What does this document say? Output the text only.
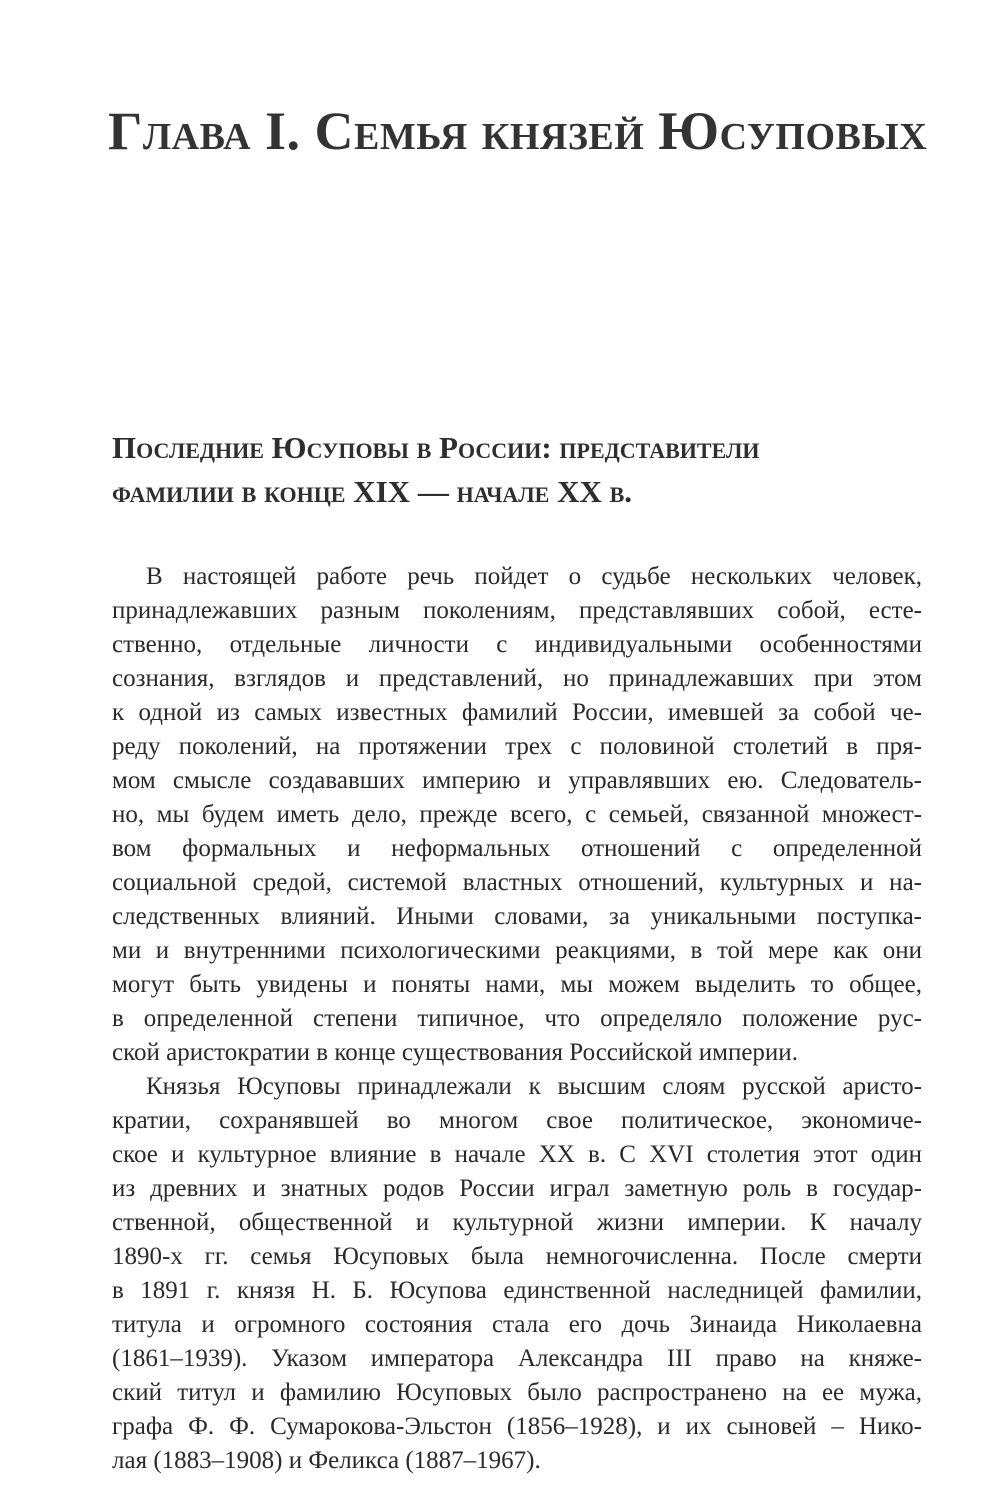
Глава I. Семья князей Юсуповых
Последние Юсуповы в России: представители
фамилии в конце XIX — начале XX в.
В настоящей работе речь пойдет о судьбе нескольких человек,
принадлежавших разным поколениям, представлявших собой, есте-
ственно, отдельные личности с индивидуальными особенностями
сознания, взглядов и представлений, но принадлежавших при этом
к одной из самых известных фамилий России, имевшей за собой че-
реду поколений, на протяжении трех с половиной столетий в пря-
мом смысле создававших империю и управлявших ею. Следователь-
но, мы будем иметь дело, прежде всего, с семьей, связанной множест-
вом формальных и неформальных отношений с определенной
социальной средой, системой властных отношений, культурных и на-
следственных влияний. Иными словами, за уникальными поступка-
ми и внутренними психологическими реакциями, в той мере как они
могут быть увидены и поняты нами, мы можем выделить то общее,
в определенной степени типичное, что определяло положение рус-
ской аристократии в конце существования Российской империи.
Князья Юсуповы принадлежали к высшим слоям русской аристо-
кратии, сохранявшей во многом свое политическое, экономиче-
ское и культурное влияние в начале XX в. С XVI столетия этот один
из древних и знатных родов России играл заметную роль в государ-
ственной, общественной и культурной жизни империи. К началу
1890-х гг. семья Юсуповых была немногочисленна. После смерти
в 1891 г. князя Н. Б. Юсупова единственной наследницей фамилии,
титула и огромного состояния стала его дочь Зинаида Николаевна
(1861–1939). Указом императора Александра III право на княже-
ский титул и фамилию Юсуповых было распространено на ее мужа,
графа Ф. Ф. Сумарокова-Эльстон (1856–1928), и их сыновей – Нико-
лая (1883–1908) и Феликса (1887–1967).
